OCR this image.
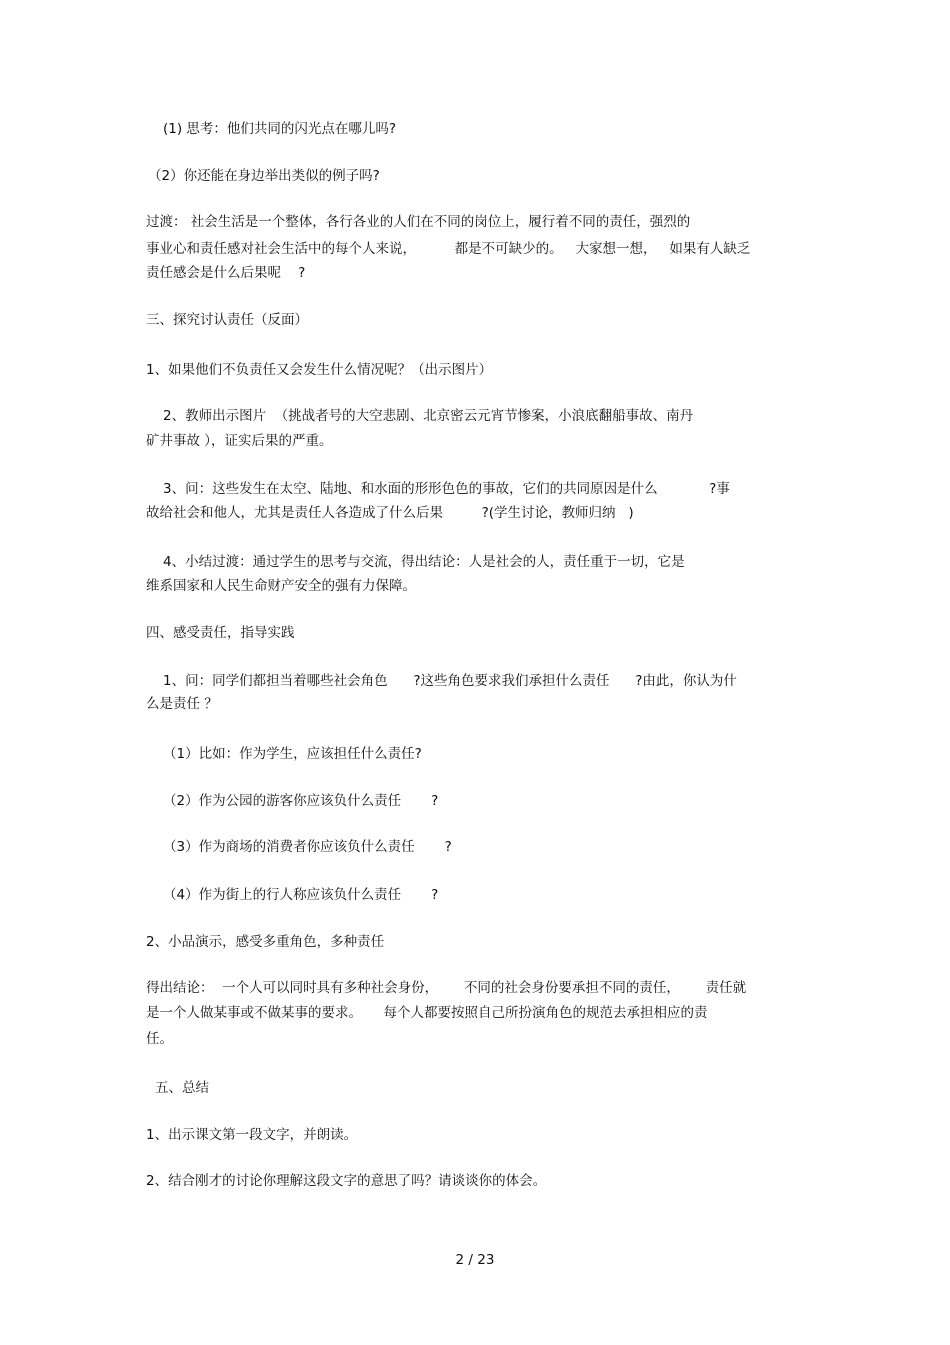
(1) 思考：他们共同的闪光点在哪儿吗?

（2）你还能在身边举出类似的例子吗?

过渡： 社会生活是一个整体，各行各业的人们在不同的岗位上，履行着不同的责任，强烈的

事业心和责任感对社会生活中的每个人来说，         都是不可缺少的。   大家想一想，   如果有人缺乏

责任感会是什么后果呢    ?

三、探究讨认责任（反面）

1、如果他们不负责任又会发生什么情况呢？（出示图片）

2、教师出示图片  （挑战者号的大空悲剧、北京密云元宵节惨案，小浪底翻船事故、南丹

矿井事故 ），证实后果的严重。

3、问：这些发生在太空、陆地、和水面的形形色色的事故，它们的共同原因是什么            ?事

故给社会和他人，尤其是责任人各造成了什么后果         ?(学生讨论，教师归纳   )

4、小结过渡：通过学生的思考与交流，得出结论：人是社会的人，责任重于一切，它是

维系国家和人民生命财产安全的强有力保障。

四、感受责任，指导实践

1、问：同学们都担当着哪些社会角色      ?这些角色要求我们承担什么责任      ?由此，你认为什

么是责任 ？

（1）比如：作为学生，应该担任什么责任?

（2）作为公园的游客你应该负什么责任       ?

（3）作为商场的消费者你应该负什么责任       ?

（4）作为街上的行人称应该负什么责任       ?

2、小品演示，感受多重角色，多种责任

得出结论：  一个人可以同时具有多种社会身份，      不同的社会身份要承担不同的责任，      责任就

是一个人做某事或不做某事的要求。     每个人都要按照自己所扮演角色的规范去承担相应的责

任。

五、总结

1、出示课文第一段文字，并朗读。

2、结合刚才的讨论你理解这段文字的意思了吗？请谈谈你的体会。

2 / 23
